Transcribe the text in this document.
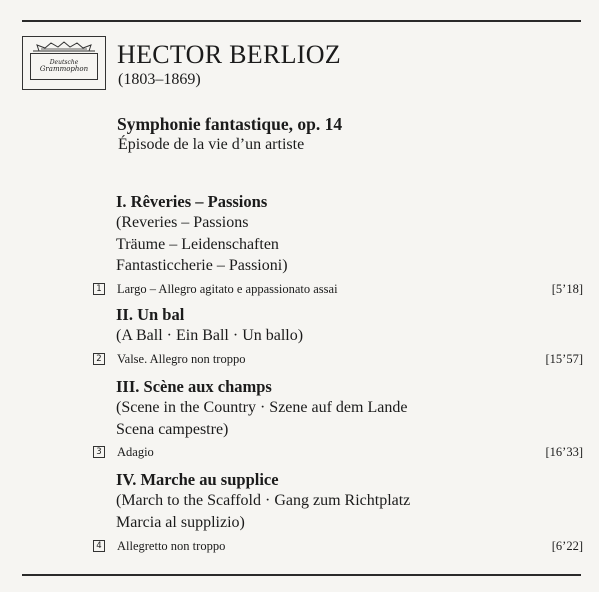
Deutsche
Grammophon HECTOR BERLIOZ
(1803–1869)
Symphonie fantastique, op. 14
Épisode de la vie d’un artiste
I. Rêveries – Passions
(Reveries – Passions
Träume – Leidenschaften
Fantasticcherie – Passioni)
1 Largo – Allegro agitato e appassionato assai	[5’18]
II. Un bal
(A Ball · Ein Ball · Un ballo)
2 Valse. Allegro non troppo	[15’57]
III. Scène aux champs
(Scene in the Country · Szene auf dem Lande
Scena campestre)
3 Adagio	[16’33]
IV. Marche au supplice
(March to the Scaffold · Gang zum Richtplatz
Marcia al supplizio)
4 Allegretto non troppo	[6’22]
